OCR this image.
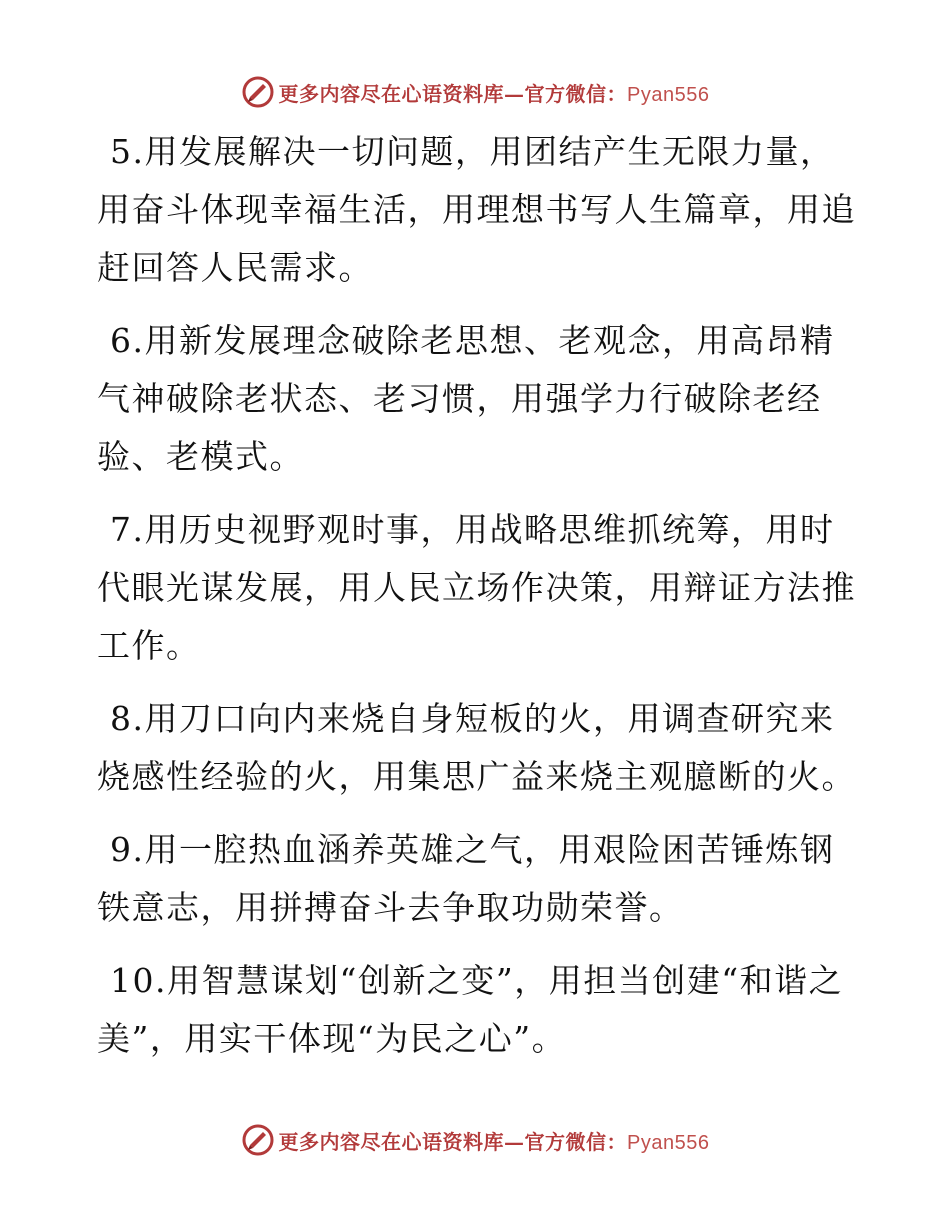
更多内容尽在心语资料库—官方微信：Pyan556

5.用发展解决一切问题，用团结产生无限力量，用奋斗体现幸福生活，用理想书写人生篇章，用追赶回答人民需求。

6.用新发展理念破除老思想、老观念，用高昂精气神破除老状态、老习惯，用强学力行破除老经验、老模式。

7.用历史视野观时事，用战略思维抓统筹，用时代眼光谋发展，用人民立场作决策，用辩证方法推工作。

8.用刀口向内来烧自身短板的火，用调查研究来烧感性经验的火，用集思广益来烧主观臆断的火。

9.用一腔热血涵养英雄之气，用艰险困苦锤炼钢铁意志，用拼搏奋斗去争取功勋荣誉。

10.用智慧谋划“创新之变”，用担当创建“和谐之美”，用实干体现“为民之心”。

更多内容尽在心语资料库—官方微信：Pyan556
